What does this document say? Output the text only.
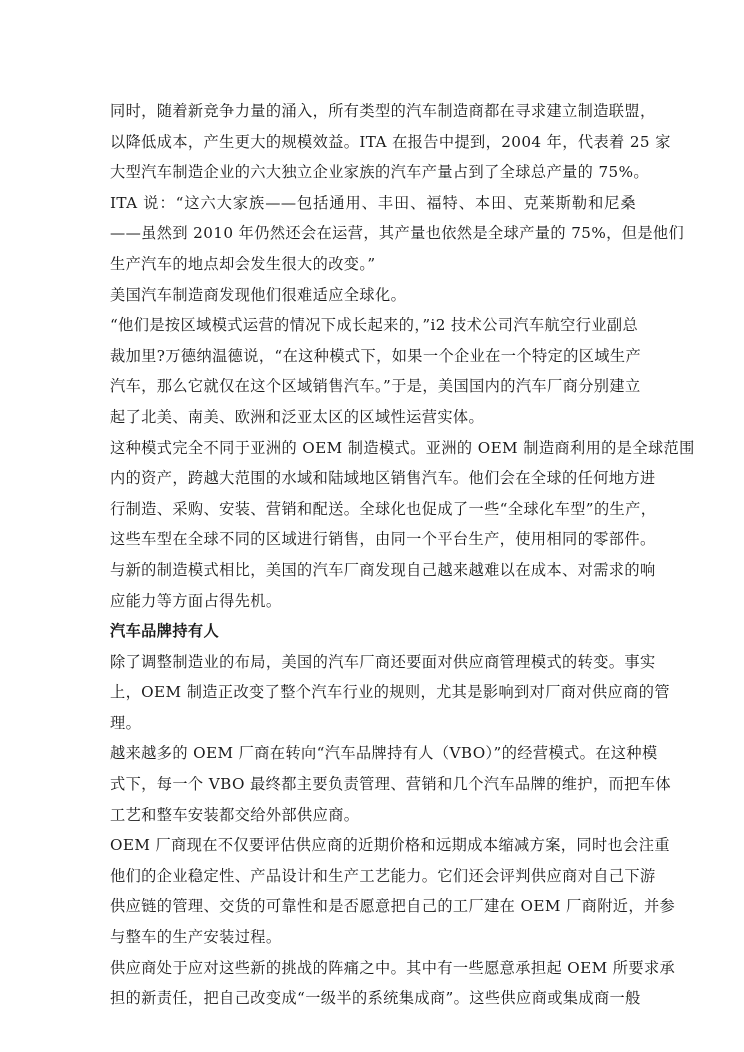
同时，随着新竞争力量的涌入，所有类型的汽车制造商都在寻求建立制造联盟，
以降低成本，产生更大的规模效益。ITA 在报告中提到，2004 年，代表着 25 家
大型汽车制造企业的六大独立企业家族的汽车产量占到了全球总产量的 75%。
ITA 说：“这六大家族——包括通用、丰田、福特、本田、克莱斯勒和尼桑
——虽然到 2010 年仍然还会在运营，其产量也依然是全球产量的 75%，但是他们
生产汽车的地点却会发生很大的改变。”
美国汽车制造商发现他们很难适应全球化。
“他们是按区域模式运营的情况下成长起来的，”i2 技术公司汽车航空行业副总
裁加里?万德纳温德说，“在这种模式下，如果一个企业在一个特定的区域生产
汽车，那么它就仅在这个区域销售汽车。”于是，美国国内的汽车厂商分别建立
起了北美、南美、欧洲和泛亚太区的区域性运营实体。
这种模式完全不同于亚洲的 OEM 制造模式。亚洲的 OEM 制造商利用的是全球范围
内的资产，跨越大范围的水域和陆域地区销售汽车。他们会在全球的任何地方进
行制造、采购、安装、营销和配送。全球化也促成了一些“全球化车型”的生产，
这些车型在全球不同的区域进行销售，由同一个平台生产，使用相同的零部件。
与新的制造模式相比，美国的汽车厂商发现自己越来越难以在成本、对需求的响
应能力等方面占得先机。
汽车品牌持有人
除了调整制造业的布局，美国的汽车厂商还要面对供应商管理模式的转变。事实
上，OEM 制造正改变了整个汽车行业的规则，尤其是影响到对厂商对供应商的管
理。
越来越多的 OEM 厂商在转向“汽车品牌持有人（VBO）”的经营模式。在这种模
式下，每一个 VBO 最终都主要负责管理、营销和几个汽车品牌的维护，而把车体
工艺和整车安装都交给外部供应商。
OEM 厂商现在不仅要评估供应商的近期价格和远期成本缩减方案，同时也会注重
他们的企业稳定性、产品设计和生产工艺能力。它们还会评判供应商对自己下游
供应链的管理、交货的可靠性和是否愿意把自己的工厂建在 OEM 厂商附近，并参
与整车的生产安装过程。
供应商处于应对这些新的挑战的阵痛之中。其中有一些愿意承担起 OEM 所要求承
担的新责任，把自己改变成“一级半的系统集成商”。这些供应商或集成商一般
